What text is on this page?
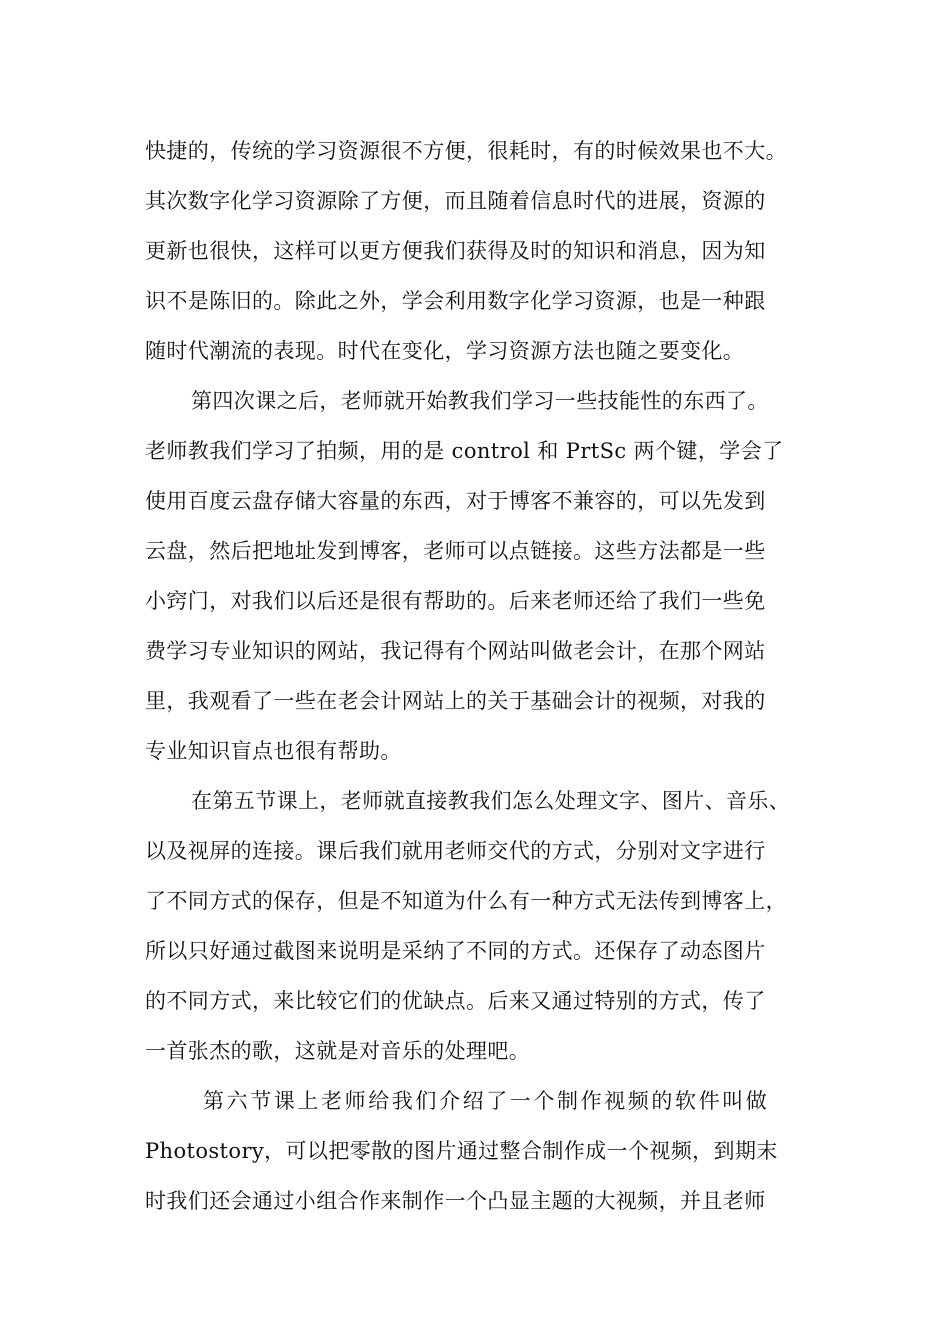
快捷的，传统的学习资源很不方便，很耗时，有的时候效果也不大。
其次数字化学习资源除了方便，而且随着信息时代的进展，资源的
更新也很快，这样可以更方便我们获得及时的知识和消息，因为知
识不是陈旧的。除此之外，学会利用数字化学习资源，也是一种跟
随时代潮流的表现。时代在变化，学习资源方法也随之要变化。
第四次课之后，老师就开始教我们学习一些技能性的东西了。
老师教我们学习了拍频，用的是 control 和 PrtSc 两个键，学会了
使用百度云盘存储大容量的东西，对于博客不兼容的，可以先发到
云盘，然后把地址发到博客，老师可以点链接。这些方法都是一些
小窍门，对我们以后还是很有帮助的。后来老师还给了我们一些免
费学习专业知识的网站，我记得有个网站叫做老会计，在那个网站
里，我观看了一些在老会计网站上的关于基础会计的视频，对我的
专业知识盲点也很有帮助。
在第五节课上，老师就直接教我们怎么处理文字、图片、音乐、
以及视屏的连接。课后我们就用老师交代的方式，分别对文字进行
了不同方式的保存，但是不知道为什么有一种方式无法传到博客上，
所以只好通过截图来说明是采纳了不同的方式。还保存了动态图片
的不同方式，来比较它们的优缺点。后来又通过特别的方式，传了
一首张杰的歌，这就是对音乐的处理吧。
第六节课上老师给我们介绍了一个制作视频的软件叫做
Photostory，可以把零散的图片通过整合制作成一个视频，到期末
时我们还会通过小组合作来制作一个凸显主题的大视频，并且老师
